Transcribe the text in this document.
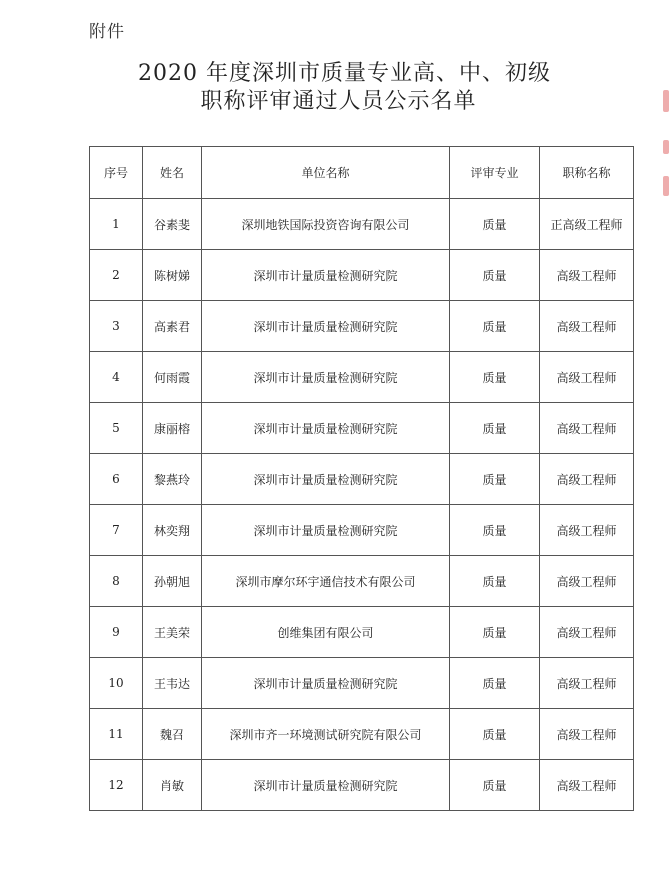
附件
2020 年度深圳市质量专业高、中、初级
职称评审通过人员公示名单
序号	姓名	单位名称	评审专业	职称名称
1	谷素斐	深圳地铁国际投资咨询有限公司	质量	正高级工程师
2	陈树娣	深圳市计量质量检测研究院	质量	高级工程师
3	高素君	深圳市计量质量检测研究院	质量	高级工程师
4	何雨霞	深圳市计量质量检测研究院	质量	高级工程师
5	康丽榕	深圳市计量质量检测研究院	质量	高级工程师
6	黎燕玲	深圳市计量质量检测研究院	质量	高级工程师
7	林奕翔	深圳市计量质量检测研究院	质量	高级工程师
8	孙朝旭	深圳市摩尔环宇通信技术有限公司	质量	高级工程师
9	王美荣	创维集团有限公司	质量	高级工程师
10	王韦达	深圳市计量质量检测研究院	质量	高级工程师
11	魏召	深圳市齐一环境测试研究院有限公司	质量	高级工程师
12	肖敏	深圳市计量质量检测研究院	质量	高级工程师
